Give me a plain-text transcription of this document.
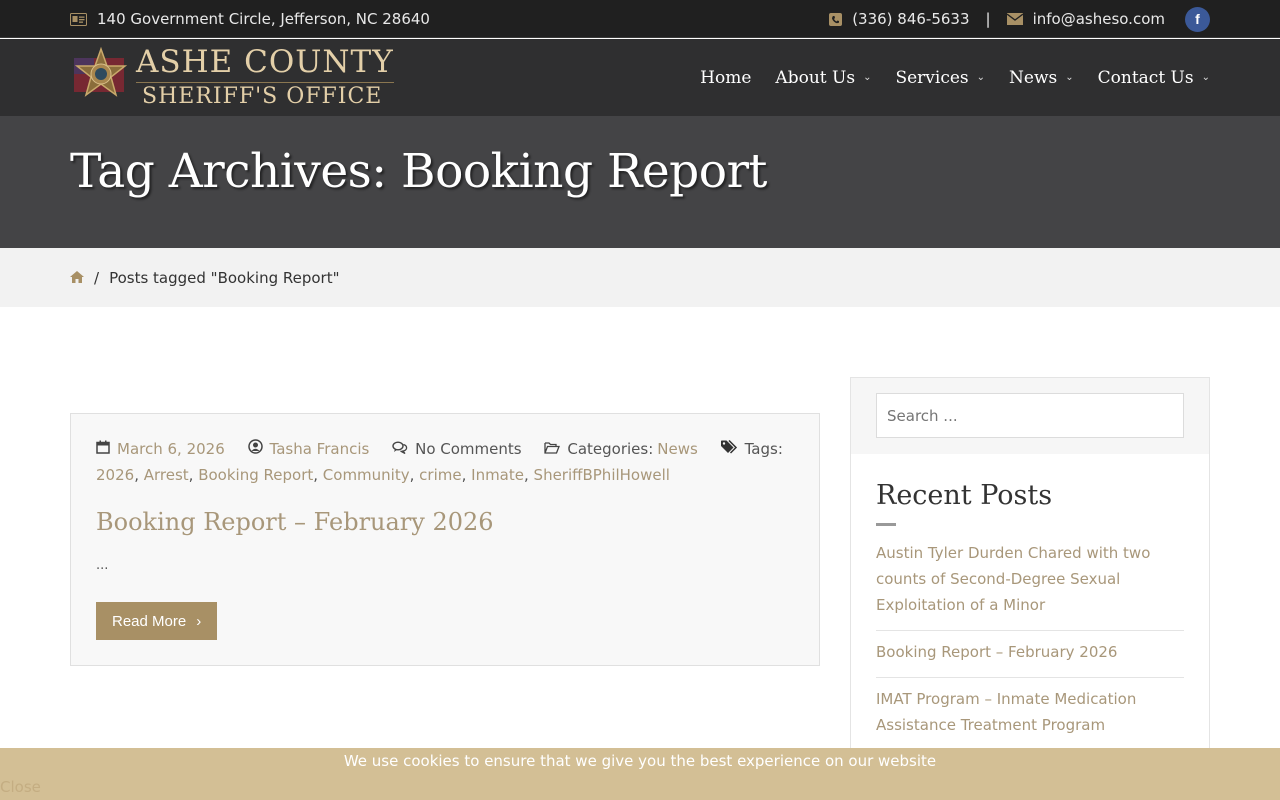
140 Government Circle, Jefferson, NC 28640	(336) 846-5633 |	info@asheso.com	f
ASHE COUNTY
SHERIFF'S OFFICE
Home About Us ⌄ Services ⌄ News ⌄ Contact Us ⌄
Tag Archives: Booking Report
/ Posts tagged "Booking Report"
March 6, 2026
	Tasha Francis
	No Comments
	Categories: News
	Tags:
2026, Arrest, Booking Report, Community, crime, Inmate, SheriffBPhilHowell
Booking Report – February 2026

...

Read More ›
Search ...
Recent Posts
Austin Tyler Durden Chared with two counts of Second-Degree Sexual Exploitation of a Minor
Booking Report – February 2026
IMAT Program – Inmate Medication Assistance Treatment Program
We use cookies to ensure that we give you the best experience on our website
Close
